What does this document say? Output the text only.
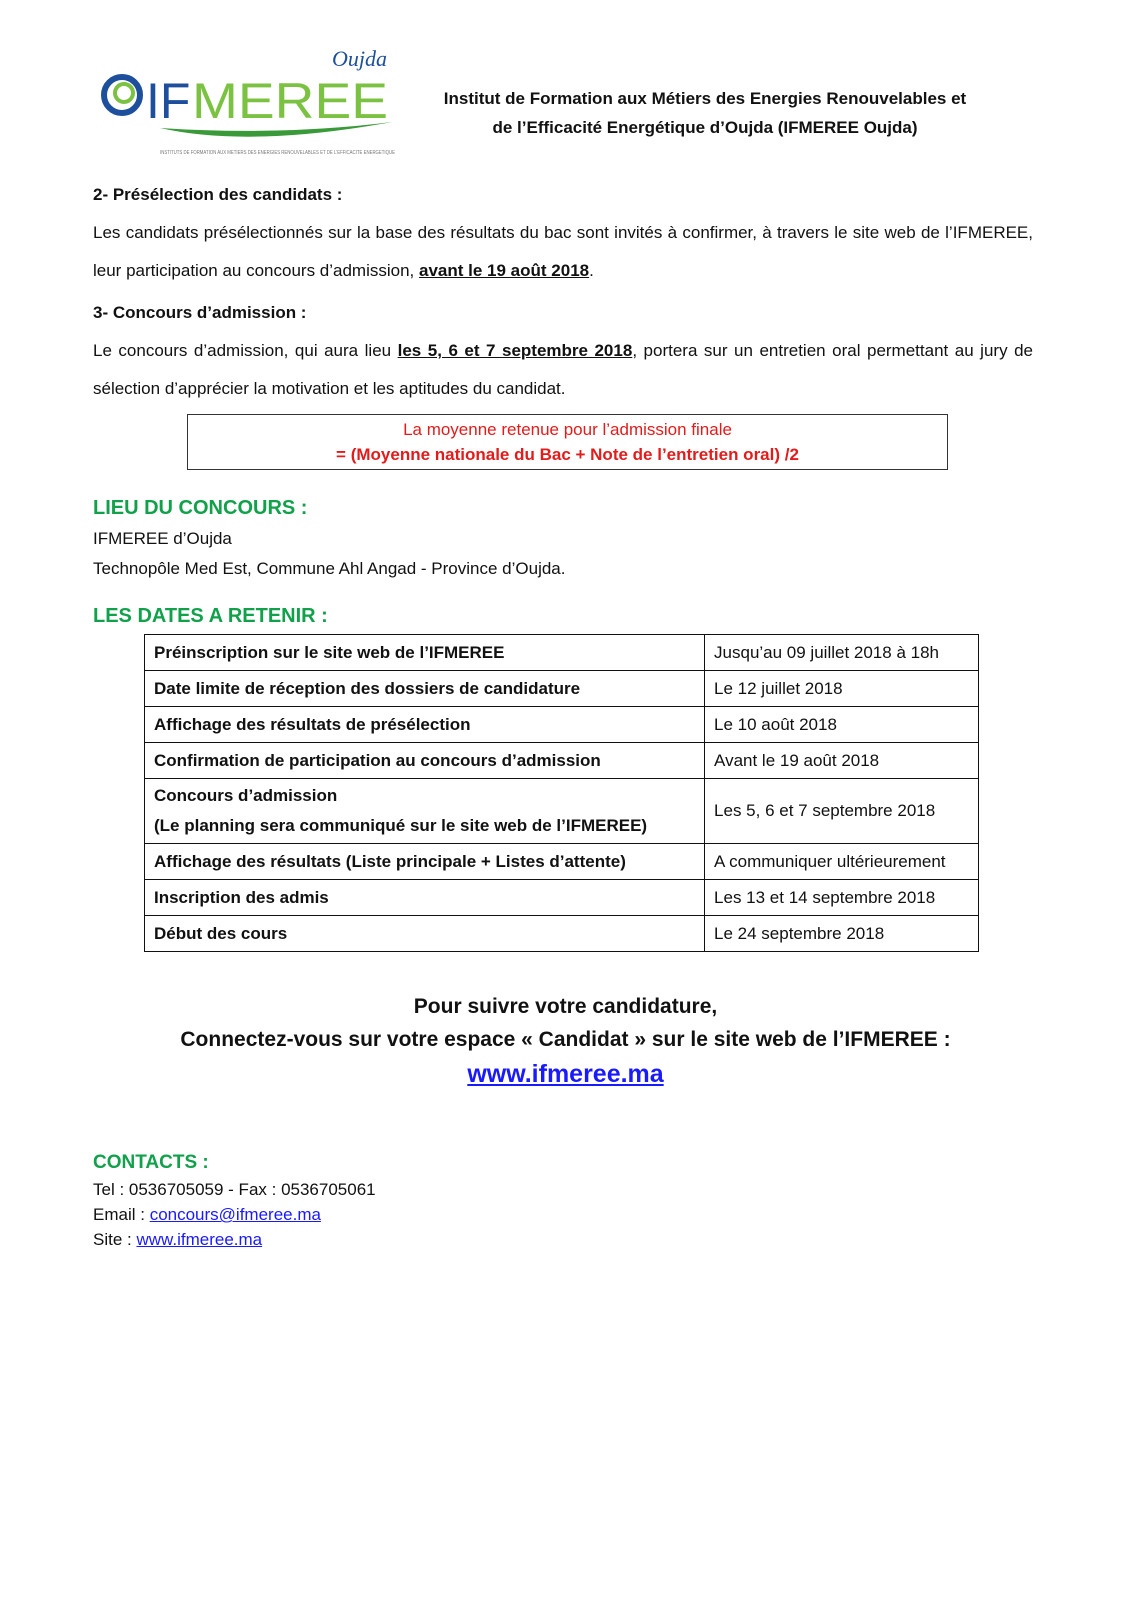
IF MEREE
Oujda
INSTITUTS DE FORMATION AUX METIERS DES ENERGIES RENOUVELABLES ET DE L'EFFICACITE ENERGETIQUE
Institut de Formation aux Métiers des Energies Renouvelables et
de l’Efficacité Energétique d’Oujda (IFMEREE Oujda)
2- Présélection des candidats :
Les candidats présélectionnés sur la base des résultats du bac sont invités à confirmer, à travers le site web de l’IFMEREE, leur participation au concours d’admission, avant le 19 août 2018.
3- Concours d’admission :
Le concours d’admission, qui aura lieu les 5, 6 et 7 septembre 2018, portera sur un entretien oral permettant au jury de sélection d’apprécier la motivation et les aptitudes du candidat.
La moyenne retenue pour l’admission finale
= (Moyenne nationale du Bac + Note de l’entretien oral) /2
LIEU DU CONCOURS :
IFMEREE d’Oujda
Technopôle Med Est, Commune Ahl Angad - Province d’Oujda.
LES DATES A RETENIR :
Préinscription sur le site web de l’IFMEREE	Jusqu’au 09 juillet 2018 à 18h

Date limite de réception des dossiers de candidature	Le 12 juillet 2018

Affichage des résultats de présélection	Le 10 août 2018

Confirmation de participation au concours d’admission	Avant le 19 août 2018

Concours d’admission
(Le planning sera communiqué sur le site web de l’IFMEREE)	Les 5, 6 et 7 septembre 2018

Affichage des résultats (Liste principale + Listes d’attente)	A communiquer ultérieurement

Inscription des admis	Les 13 et 14 septembre 2018

Début des cours	Le 24 septembre 2018
Pour suivre votre candidature,
Connectez-vous sur votre espace « Candidat » sur le site web de l’IFMEREE :
www.ifmeree.ma
CONTACTS :
Tel : 0536705059 - Fax : 0536705061
Email : concours@ifmeree.ma
Site : www.ifmeree.ma
